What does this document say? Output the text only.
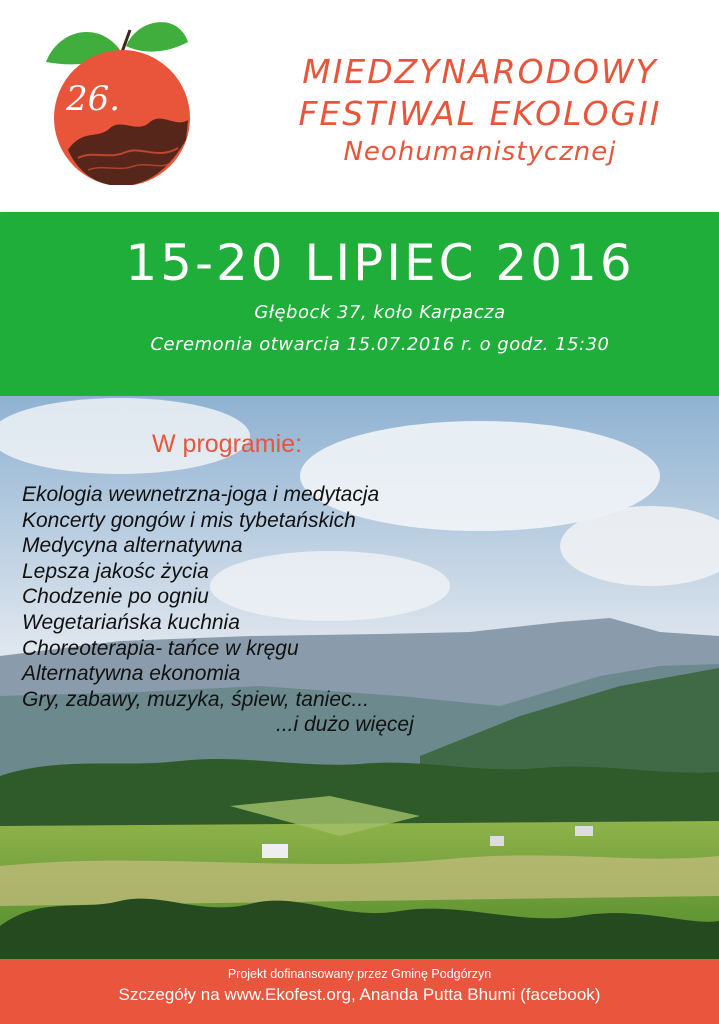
26.
MIEDZYNARODOWY
FESTIWAL EKOLOGII
Neohumanistycznej
15-20 LIPIEC 2016
Głębock 37, koło Karpacza
Ceremonia otwarcia 15.07.2016 r. o godz. 15:30
W programie:
Ekologia wewnetrzna-joga i medytacja
Koncerty gongów i mis tybetańskich
Medycyna alternatywna
Lepsza jakośc życia
Chodzenie po ogniu
Wegetariańska kuchnia
Choreoterapia- tańce w kręgu
Alternatywna ekonomia
Gry, zabawy, muzyka, śpiew, taniec...
...i dużo więcej
Projekt dofinansowany przez Gminę Podgórzyn
Szczegóły na www.Ekofest.org, Ananda Putta Bhumi (facebook)
